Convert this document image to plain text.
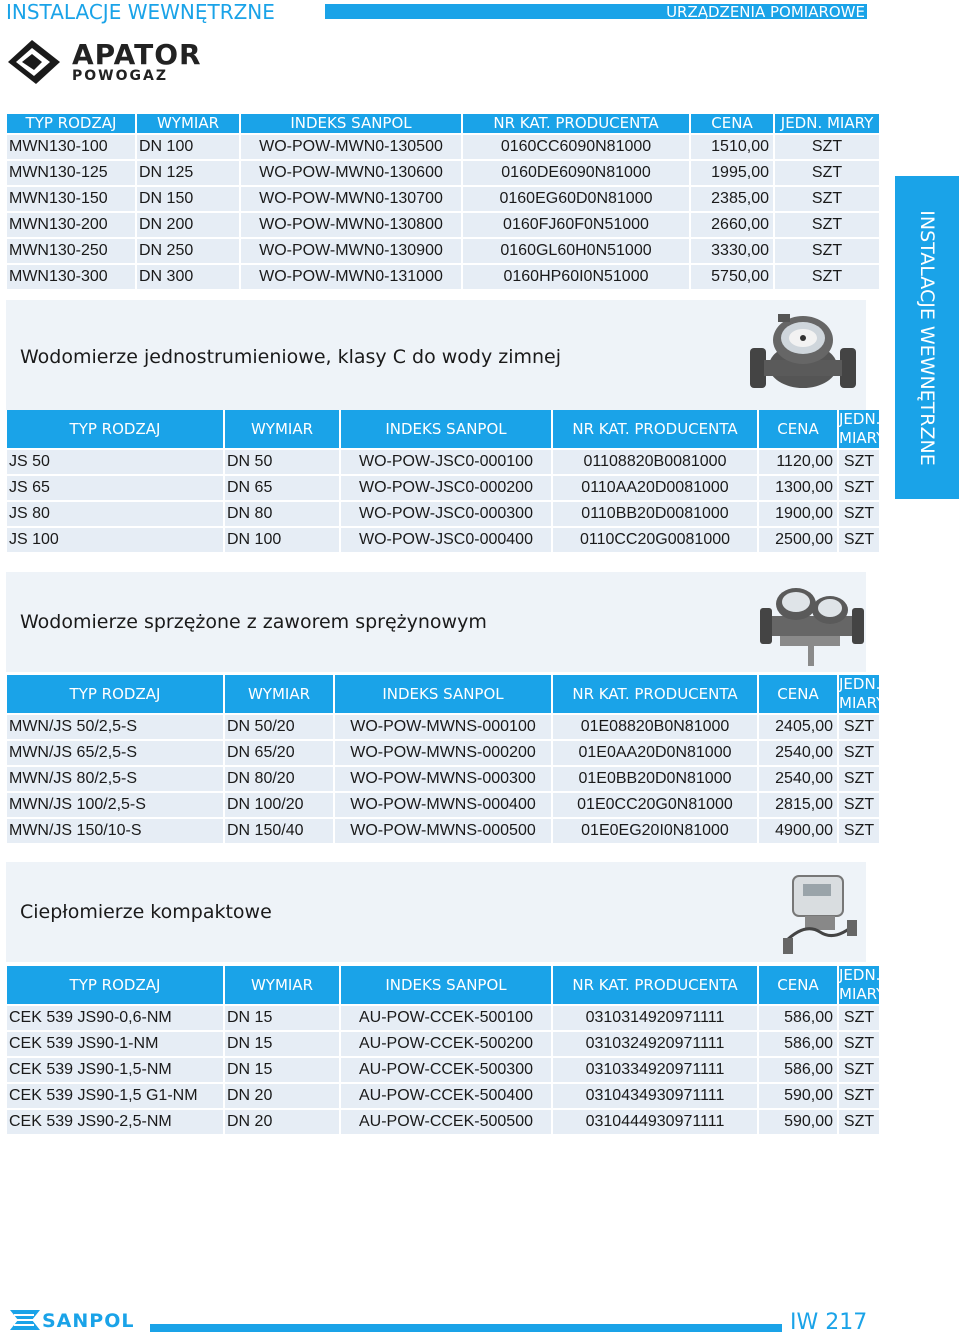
URZĄDZENIA POMIAROWE
INSTALACJE WEWNĘTRZNE
APATOR
POWOGAZ
TYP RODZAJ	WYMIAR	INDEKS SANPOL	NR KAT. PRODUCENTA	CENA	JEDN. MIARY
MWN130-100	DN 100	WO-POW-MWN0-130500	0160CC6090N81000	1510,00	SZT
MWN130-125	DN 125	WO-POW-MWN0-130600	0160DE6090N81000	1995,00	SZT
MWN130-150	DN 150	WO-POW-MWN0-130700	0160EG60D0N81000	2385,00	SZT
MWN130-200	DN 200	WO-POW-MWN0-130800	0160FJ60F0N51000	2660,00	SZT
MWN130-250	DN 250	WO-POW-MWN0-130900	0160GL60H0N51000	3330,00	SZT
MWN130-300	DN 300	WO-POW-MWN0-131000	0160HP60I0N51000	5750,00	SZT
Wodomierze jednostrumieniowe, klasy C do wody zimnej
TYP RODZAJ	WYMIAR	INDEKS SANPOL	NR KAT. PRODUCENTA	CENA	JEDN. MIARY
JS 50	DN 50	WO-POW-JSC0-000100	01108820B0081000	1120,00	SZT
JS 65	DN 65	WO-POW-JSC0-000200	0110AA20D0081000	1300,00	SZT
JS 80	DN 80	WO-POW-JSC0-000300	0110BB20D0081000	1900,00	SZT
JS 100	DN 100	WO-POW-JSC0-000400	0110CC20G0081000	2500,00	SZT
Wodomierze sprzężone z zaworem sprężynowym
TYP RODZAJ	WYMIAR	INDEKS SANPOL	NR KAT. PRODUCENTA	CENA	JEDN. MIARY
MWN/JS 50/2,5-S	DN 50/20	WO-POW-MWNS-000100	01E08820B0N81000	2405,00	SZT
MWN/JS 65/2,5-S	DN 65/20	WO-POW-MWNS-000200	01E0AA20D0N81000	2540,00	SZT
MWN/JS 80/2,5-S	DN 80/20	WO-POW-MWNS-000300	01E0BB20D0N81000	2540,00	SZT
MWN/JS 100/2,5-S	DN 100/20	WO-POW-MWNS-000400	01E0CC20G0N81000	2815,00	SZT
MWN/JS 150/10-S	DN 150/40	WO-POW-MWNS-000500	01E0EG20I0N81000	4900,00	SZT
Ciepłomierze kompaktowe
TYP RODZAJ	WYMIAR	INDEKS SANPOL	NR KAT. PRODUCENTA	CENA	JEDN. MIARY
CEK 539 JS90-0,6-NM	DN 15	AU-POW-CCEK-500100	0310314920971111	586,00	SZT
CEK 539 JS90-1-NM	DN 15	AU-POW-CCEK-500200	0310324920971111	586,00	SZT
CEK 539 JS90-1,5-NM	DN 15	AU-POW-CCEK-500300	0310334920971111	586,00	SZT
CEK 539 JS90-1,5 G1-NM	DN 20	AU-POW-CCEK-500400	0310434930971111	590,00	SZT
CEK 539 JS90-2,5-NM	DN 20	AU-POW-CCEK-500500	0310444930971111	590,00	SZT
INSTALACJE WEWNĘTRZNE
SANPOL	IW 217
